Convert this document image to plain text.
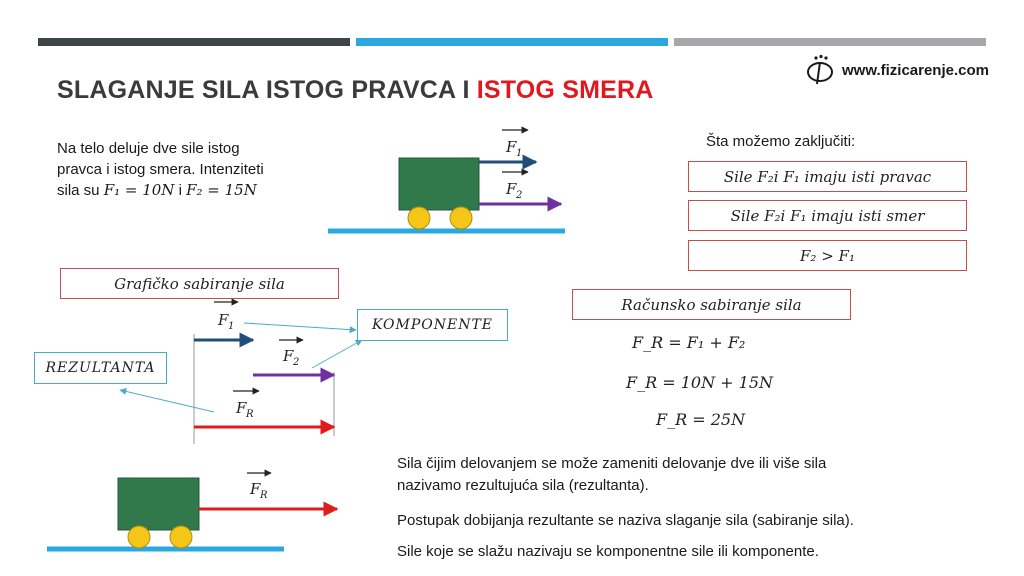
SLAGANJE SILA ISTOG PRAVCA I ISTOG SMERA
www.fizicarenje.com
Na telo deluje dve sile istog
pravca i istog smera. Intenziteti
sila su F₁ = 10N i F₂ = 15N
F 1
F 2
F 1
F 2
F R
F R
Šta možemo zaključiti:
Sile F₂i F₁ imaju isti pravac
Sile F₂i F₁ imaju isti smer
F₂ > F₁
Grafičko sabiranje sila
KOMPONENTE
REZULTANTA
Računsko sabiranje sila
F_R = F₁ + F₂
F_R = 10N + 15N
F_R = 25N
Sila čijim delovanjem se može zameniti delovanje dve ili više sila
nazivamo rezultujuća sila (rezultanta).
Postupak dobijanja rezultante se naziva slaganje sila (sabiranje sila).
Sile koje se slažu nazivaju se komponentne sile ili komponente.
